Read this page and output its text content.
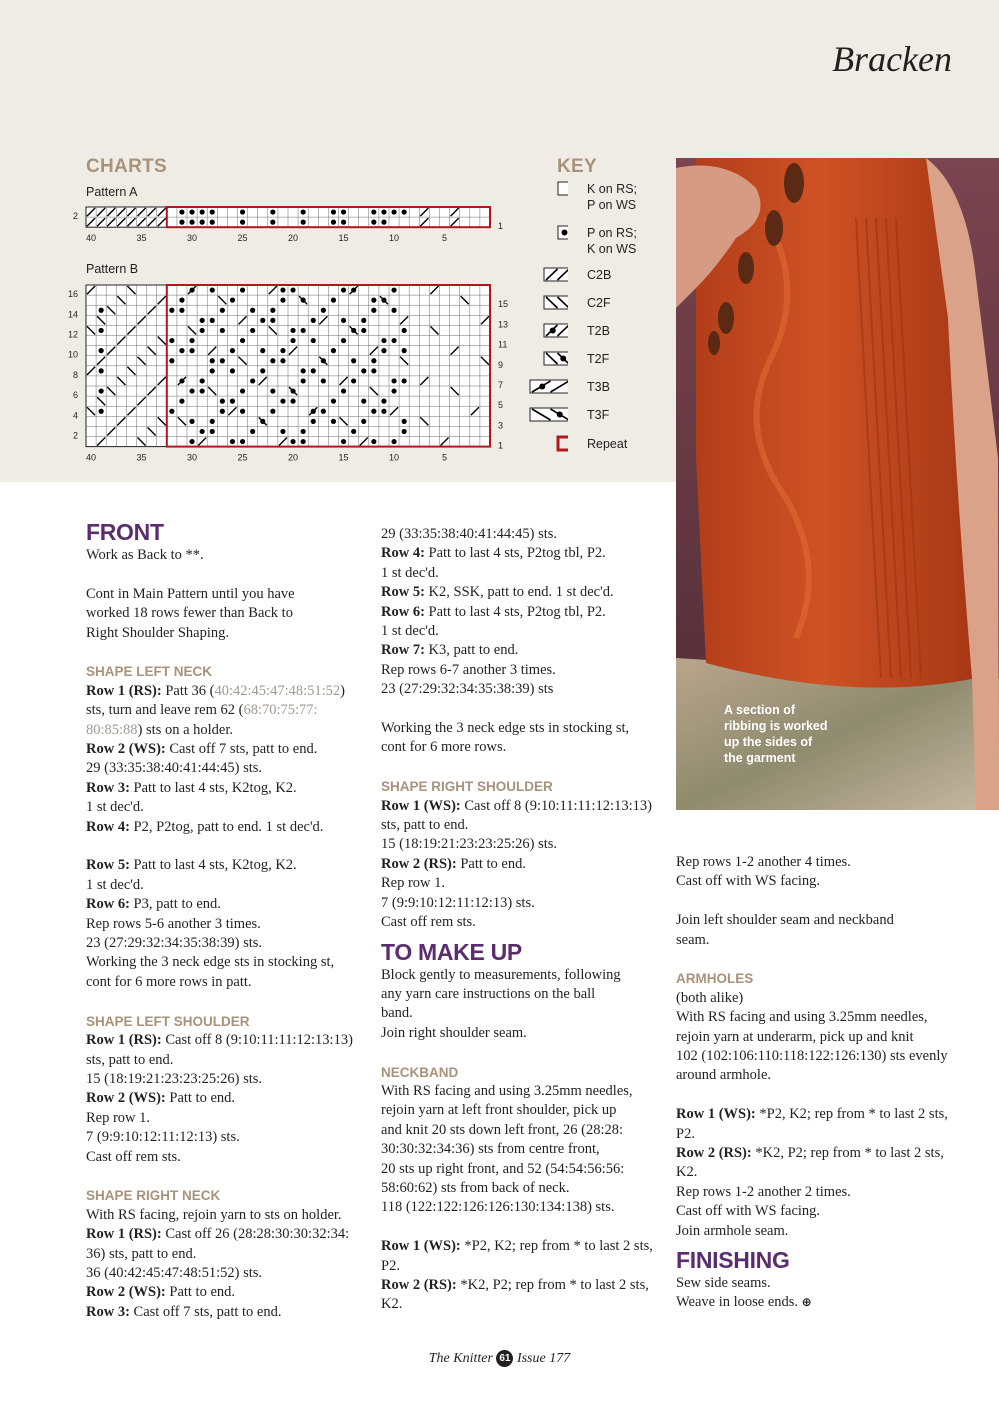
Bracken
CHARTS
Pattern A
2
1
40	35	30	25	20	15	10	5
Pattern B
16
14
12
10
8
6
4
2
15
13
11
9
7
5
3
1
40	35	30	25	20	15	10	5
KEY
K on RS;
P on WS
P on RS;
K on WS
C2B
C2F
T2B
T2F
T3B
T3F
Repeat
A section of ribbing is worked up the sides of the garment
FRONT

Work as Back to **.

Cont in Main Pattern until you have

worked 18 rows fewer than Back to

Right Shoulder Shaping.

SHAPE LEFT NECK

Row 1 (RS): Patt 36 (40:42:45:47:48:51:52)

sts, turn and leave rem 62 (68:70:75:77:

80:85:88) sts on a holder.

Row 2 (WS): Cast off 7 sts, patt to end.

29 (33:35:38:40:41:44:45) sts.

Row 3: Patt to last 4 sts, K2tog, K2.

1 st dec'd.

Row 4: P2, P2tog, patt to end. 1 st dec'd.

Row 5: Patt to last 4 sts, K2tog, K2.

1 st dec'd.

Row 6: P3, patt to end.

Rep rows 5-6 another 3 times.

23 (27:29:32:34:35:38:39) sts.

Working the 3 neck edge sts in stocking st,

cont for 6 more rows in patt.

SHAPE LEFT SHOULDER

Row 1 (RS): Cast off 8 (9:10:11:11:12:13:13)

sts, patt to end.

15 (18:19:21:23:23:25:26) sts.

Row 2 (WS): Patt to end.

Rep row 1.

7 (9:9:10:12:11:12:13) sts.

Cast off rem sts.

SHAPE RIGHT NECK

With RS facing, rejoin yarn to sts on holder.

Row 1 (RS): Cast off 26 (28:28:30:30:32:34:

36) sts, patt to end.

36 (40:42:45:47:48:51:52) sts.

Row 2 (WS): Patt to end.

Row 3: Cast off 7 sts, patt to end.

29 (33:35:38:40:41:44:45) sts.

Row 4: Patt to last 4 sts, P2tog tbl, P2.

1 st dec'd.

Row 5: K2, SSK, patt to end. 1 st dec'd.

Row 6: Patt to last 4 sts, P2tog tbl, P2.

1 st dec'd.

Row 7: K3, patt to end.

Rep rows 6-7 another 3 times.

23 (27:29:32:34:35:38:39) sts

Working the 3 neck edge sts in stocking st,

cont for 6 more rows.

SHAPE RIGHT SHOULDER

Row 1 (WS): Cast off 8 (9:10:11:11:12:13:13)

sts, patt to end.

15 (18:19:21:23:23:25:26) sts.

Row 2 (RS): Patt to end.

Rep row 1.

7 (9:9:10:12:11:12:13) sts.

Cast off rem sts.

TO MAKE UP

Block gently to measurements, following

any yarn care instructions on the ball

band.

Join right shoulder seam.

NECKBAND

With RS facing and using 3.25mm needles,

rejoin yarn at left front shoulder, pick up

and knit 20 sts down left front, 26 (28:28:

30:30:32:34:36) sts from centre front,

20 sts up right front, and 52 (54:54:56:56:

58:60:62) sts from back of neck.

118 (122:122:126:126:130:134:138) sts.

Row 1 (WS): *P2, K2; rep from * to last 2 sts,

P2.

Row 2 (RS): *K2, P2; rep from * to last 2 sts,

K2.

Rep rows 1-2 another 4 times.

Cast off with WS facing.

Join left shoulder seam and neckband

seam.

ARMHOLES

(both alike)

With RS facing and using 3.25mm needles,

rejoin yarn at underarm, pick up and knit

102 (102:106:110:118:122:126:130) sts evenly

around armhole.

Row 1 (WS): *P2, K2; rep from * to last 2 sts,

P2.

Row 2 (RS): *K2, P2; rep from * to last 2 sts,

K2.

Rep rows 1-2 another 2 times.

Cast off with WS facing.

Join armhole seam.

FINISHING

Sew side seams.

Weave in loose ends. ⊕

The Knitter 61 Issue 177
